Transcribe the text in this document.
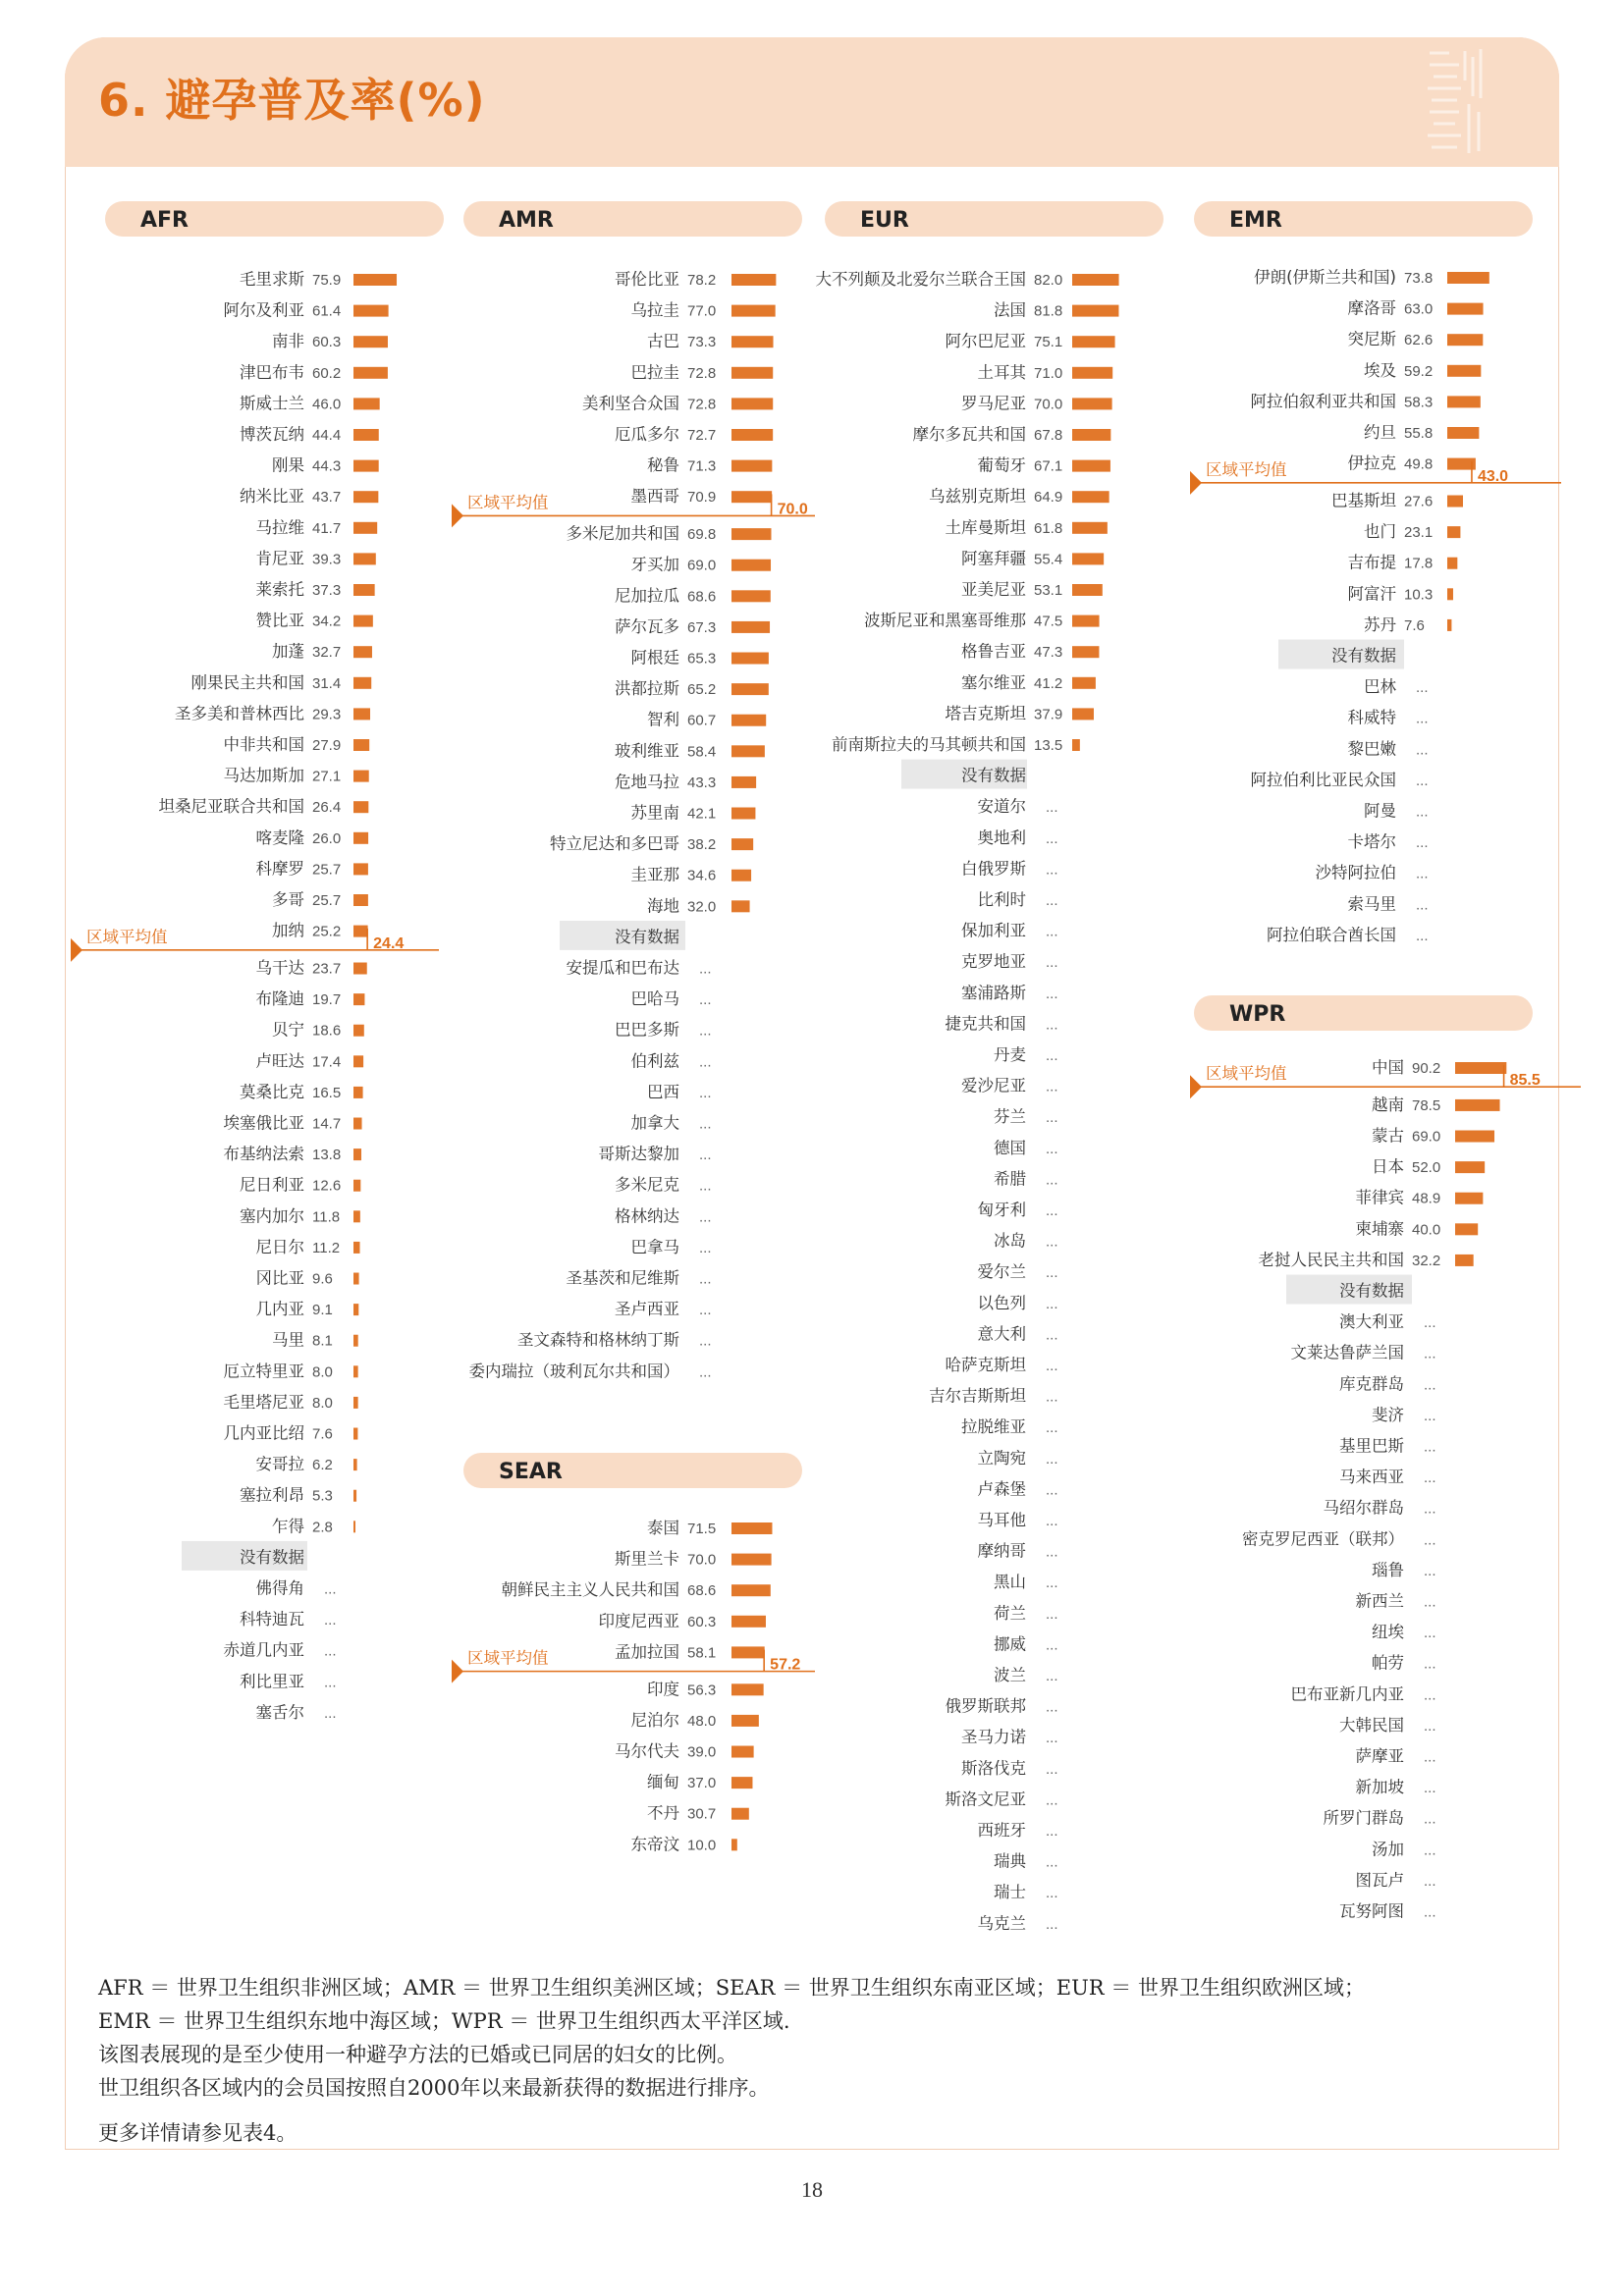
6. 避孕普及率(%)
AFR	AMR
SEAR
EUR	EMR
WPR
毛里求斯 75.9
阿尔及利亚 61.4
南非 60.3
津巴布韦 60.2
斯威士兰 46.0
博茨瓦纳 44.4
刚果 44.3
纳米比亚 43.7
马拉维 41.7
肯尼亚 39.3
莱索托 37.3
赞比亚 34.2
加蓬 32.7
刚果民主共和国 31.4
圣多美和普林西比 29.3
中非共和国 27.9
马达加斯加 27.1
坦桑尼亚联合共和国 26.4
喀麦隆 26.0
科摩罗 25.7
多哥 25.7
加纳 25.2
区域平均值	24.4
乌干达 23.7
布隆迪 19.7
贝宁 18.6
卢旺达 17.4
莫桑比克 16.5
埃塞俄比亚 14.7
布基纳法索 13.8
尼日利亚 12.6
塞内加尔 11.8
尼日尔 11.2
冈比亚 9.6
几内亚 9.1
马里 8.1
厄立特里亚 8.0
毛里塔尼亚 8.0
几内亚比绍 7.6
安哥拉 6.2
塞拉利昂 5.3
乍得 2.8
没有数据
佛得角 ...
科特迪瓦 ...
赤道几内亚 ...
利比里亚 ...
塞舌尔 ...
哥伦比亚 78.2
乌拉圭 77.0
古巴 73.3
巴拉圭 72.8
美利坚合众国 72.8
厄瓜多尔 72.7
秘鲁 71.3
墨西哥 70.9
区域平均值	70.0
多米尼加共和国 69.8
牙买加 69.0
尼加拉瓜 68.6
萨尔瓦多 67.3
阿根廷 65.3
洪都拉斯 65.2
智利 60.7
玻利维亚 58.4
危地马拉 43.3
苏里南 42.1
特立尼达和多巴哥 38.2
圭亚那 34.6
海地 32.0
没有数据
安提瓜和巴布达 ...
巴哈马 ...
巴巴多斯 ...
伯利兹 ...
巴西 ...
加拿大 ...
哥斯达黎加 ...
多米尼克 ...
格林纳达 ...
巴拿马 ...
圣基茨和尼维斯 ...
圣卢西亚 ...
圣文森特和格林纳丁斯 ...
委内瑞拉（玻利瓦尔共和国） ...
泰国 71.5
斯里兰卡 70.0
朝鲜民主主义人民共和国 68.6
印度尼西亚 60.3
孟加拉国 58.1
区域平均值	57.2
印度 56.3
尼泊尔 48.0
马尔代夫 39.0
缅甸 37.0
不丹 30.7
东帝汶 10.0
大不列颠及北爱尔兰联合王国 82.0
法国 81.8
阿尔巴尼亚 75.1
土耳其 71.0
罗马尼亚 70.0
摩尔多瓦共和国 67.8
葡萄牙 67.1
乌兹别克斯坦 64.9
土库曼斯坦 61.8
阿塞拜疆 55.4
亚美尼亚 53.1
波斯尼亚和黑塞哥维那 47.5
格鲁吉亚 47.3
塞尔维亚 41.2
塔吉克斯坦 37.9
前南斯拉夫的马其顿共和国 13.5
没有数据
安道尔 ...
奥地利 ...
白俄罗斯 ...
比利时 ...
保加利亚 ...
克罗地亚 ...
塞浦路斯 ...
捷克共和国 ...
丹麦 ...
爱沙尼亚 ...
芬兰 ...
德国 ...
希腊 ...
匈牙利 ...
冰岛 ...
爱尔兰 ...
以色列 ...
意大利 ...
哈萨克斯坦 ...
吉尔吉斯斯坦 ...
拉脱维亚 ...
立陶宛 ...
卢森堡 ...
马耳他 ...
摩纳哥 ...
黑山 ...
荷兰 ...
挪威 ...
波兰 ...
俄罗斯联邦 ...
圣马力诺 ...
斯洛伐克 ...
斯洛文尼亚 ...
西班牙 ...
瑞典 ...
瑞士 ...
乌克兰 ...
伊朗(伊斯兰共和国) 73.8
摩洛哥 63.0
突尼斯 62.6
埃及 59.2
阿拉伯叙利亚共和国 58.3
约旦 55.8
伊拉克 49.8
区域平均值	43.0
巴基斯坦 27.6
也门 23.1
吉布提 17.8
阿富汗 10.3
苏丹 7.6
没有数据
巴林 ...
科威特 ...
黎巴嫩 ...
阿拉伯利比亚民众国 ...
阿曼 ...
卡塔尔 ...
沙特阿拉伯 ...
索马里 ...
阿拉伯联合酋长国 ...
中国 90.2
区域平均值	85.5
越南 78.5
蒙古 69.0
日本 52.0
菲律宾 48.9
柬埔寨 40.0
老挝人民民主共和国 32.2
没有数据
澳大利亚 ...
文莱达鲁萨兰国 ...
库克群岛 ...
斐济 ...
基里巴斯 ...
马来西亚 ...
马绍尔群岛 ...
密克罗尼西亚（联邦） ...
瑙鲁 ...
新西兰 ...
纽埃 ...
帕劳 ...
巴布亚新几内亚 ...
大韩民国 ...
萨摩亚 ...
新加坡 ...
所罗门群岛 ...
汤加 ...
图瓦卢 ...
瓦努阿图 ...

AFR ＝ 世界卫生组织非洲区域；AMR ＝ 世界卫生组织美洲区域；SEAR ＝ 世界卫生组织东南亚区域；EUR ＝ 世界卫生组织欧洲区域；

EMR ＝ 世界卫生组织东地中海区域；WPR ＝ 世界卫生组织西太平洋区域.

该图表展现的是至少使用一种避孕方法的已婚或已同居的妇女的比例。

世卫组织各区域内的会员国按照自2000年以来最新获得的数据进行排序。

更多详情请参见表4。

18
